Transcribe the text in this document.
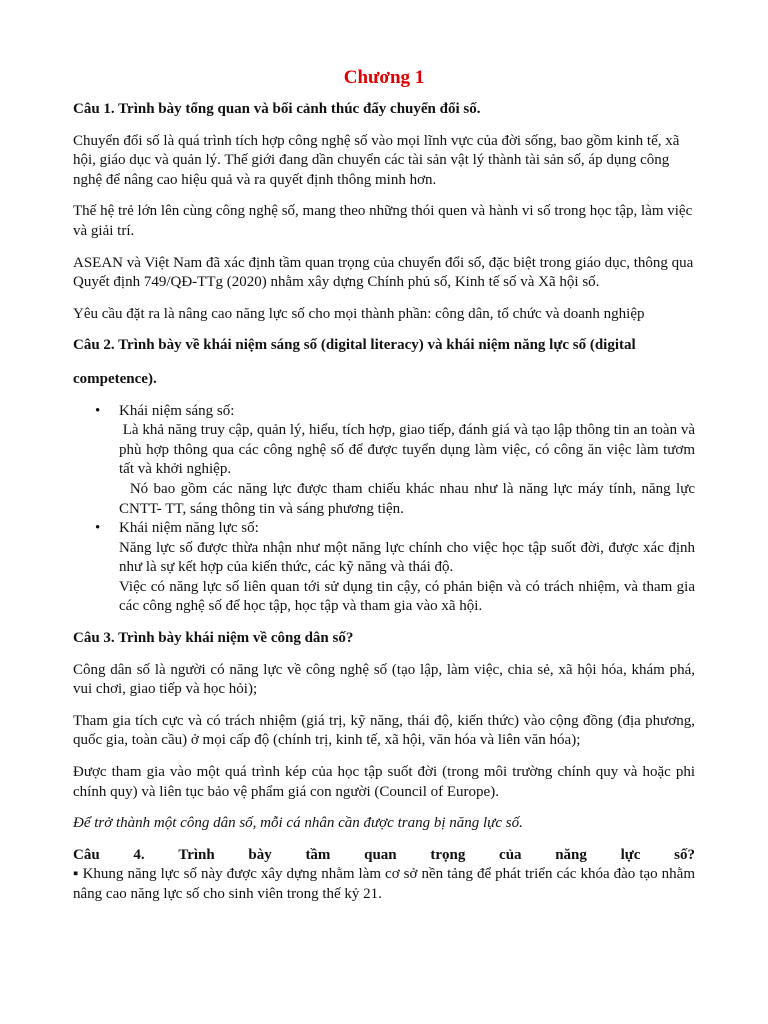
Chương 1
Câu 1. Trình bày tổng quan và bối cảnh thúc đẩy chuyển đổi số.

Chuyển đổi số là quá trình tích hợp công nghệ số vào mọi lĩnh vực của đời sống, bao gồm kinh tế, xã hội, giáo dục và quản lý. Thế giới đang dần chuyển các tài sản vật lý thành tài sản số, áp dụng công nghệ để nâng cao hiệu quả và ra quyết định thông minh hơn.

Thế hệ trẻ lớn lên cùng công nghệ số, mang theo những thói quen và hành vi số trong học tập, làm việc và giải trí.

ASEAN và Việt Nam đã xác định tầm quan trọng của chuyển đổi số, đặc biệt trong giáo dục, thông qua Quyết định 749/QĐ-TTg (2020) nhằm xây dựng Chính phủ số, Kinh tế số và Xã hội số.

Yêu cầu đặt ra là nâng cao năng lực số cho mọi thành phần: công dân, tổ chức và doanh nghiệp

Câu 2. Trình bày về khái niệm sáng số (digital literacy) và khái niệm năng lực số (digital
competence).
• Khái niệm sáng số:
Là khả năng truy cập, quản lý, hiểu, tích hợp, giao tiếp, đánh giá và tạo lập thông tin an toàn và phù hợp thông qua các công nghệ số để được tuyển dụng làm việc, có công ăn việc làm tươm tất và khởi nghiệp.
Nó bao gồm các năng lực được tham chiếu khác nhau như là năng lực máy tính, năng lực CNTT- TT, sáng thông tin và sáng phương tiện.
• Khái niệm năng lực số:
Năng lực số được thừa nhận như một năng lực chính cho việc học tập suốt đời, được xác định như là sự kết hợp của kiến thức, các kỹ năng và thái độ.
Việc có năng lực số liên quan tới sử dụng tin cậy, có phản biện và có trách nhiệm, và tham gia các công nghệ số để học tập, học tập và tham gia vào xã hội.
Câu 3. Trình bày khái niệm về công dân số?

Công dân số là người có năng lực về công nghệ số (tạo lập, làm việc, chia sẻ, xã hội hóa, khám phá, vui chơi, giao tiếp và học hỏi);

Tham gia tích cực và có trách nhiệm (giá trị, kỹ năng, thái độ, kiến thức) vào cộng đồng (địa phương, quốc gia, toàn cầu) ở mọi cấp độ (chính trị, kinh tế, xã hội, văn hóa và liên văn hóa);

Được tham gia vào một quá trình kép của học tập suốt đời (trong môi trường chính quy và hoặc phi chính quy) và liên tục bảo vệ phẩm giá con người (Council of Europe).

Để trở thành một công dân số, mỗi cá nhân cần được trang bị năng lực số.

Câu 4. Trình bày tầm quan trọng của năng lực số?
▪ Khung năng lực số này được xây dựng nhằm làm cơ sở nền tảng để phát triển các khóa đào tạo nhằm nâng cao năng lực số cho sinh viên trong thế kỷ 21.
